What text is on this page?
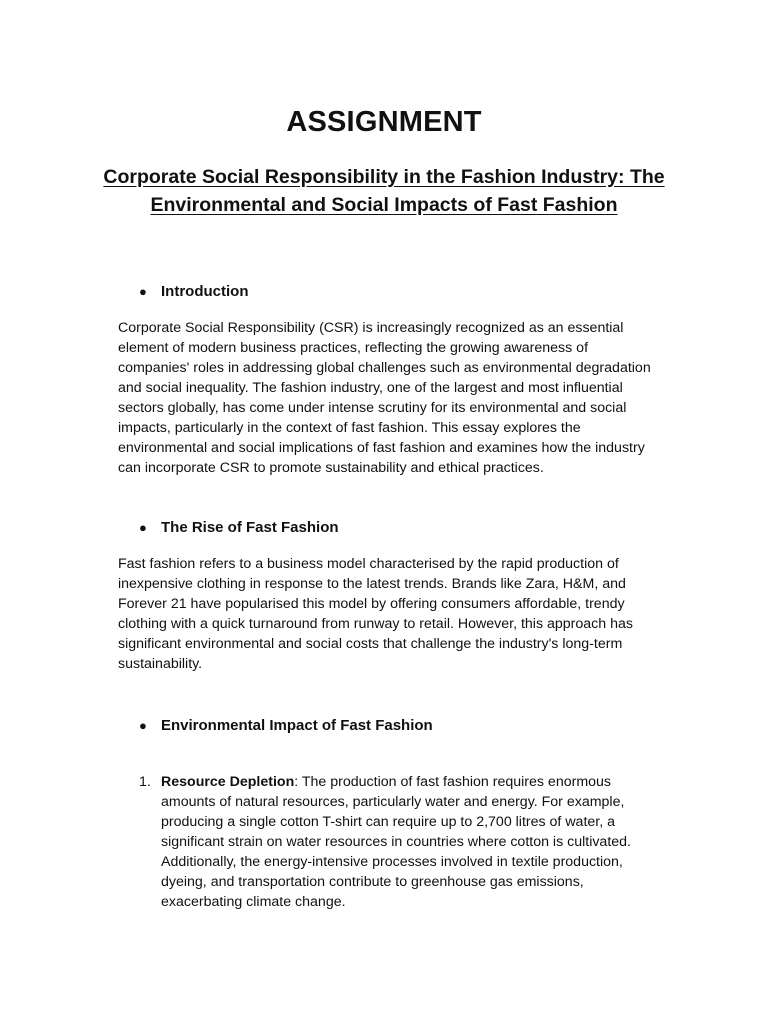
ASSIGNMENT
Corporate Social Responsibility in the Fashion Industry: The Environmental and Social Impacts of Fast Fashion
● Introduction
Corporate Social Responsibility (CSR) is increasingly recognized as an essential
element of modern business practices, reflecting the growing awareness of
companies' roles in addressing global challenges such as environmental degradation
and social inequality. The fashion industry, one of the largest and most influential
sectors globally, has come under intense scrutiny for its environmental and social
impacts, particularly in the context of fast fashion. This essay explores the
environmental and social implications of fast fashion and examines how the industry
can incorporate CSR to promote sustainability and ethical practices.
● The Rise of Fast Fashion
Fast fashion refers to a business model characterised by the rapid production of
inexpensive clothing in response to the latest trends. Brands like Zara, H&M, and
Forever 21 have popularised this model by offering consumers affordable, trendy
clothing with a quick turnaround from runway to retail. However, this approach has
significant environmental and social costs that challenge the industry's long-term
sustainability.
● Environmental Impact of Fast Fashion
1. Resource Depletion: The production of fast fashion requires enormous
amounts of natural resources, particularly water and energy. For example,
producing a single cotton T-shirt can require up to 2,700 litres of water, a
significant strain on water resources in countries where cotton is cultivated.
Additionally, the energy-intensive processes involved in textile production,
dyeing, and transportation contribute to greenhouse gas emissions,
exacerbating climate change.
